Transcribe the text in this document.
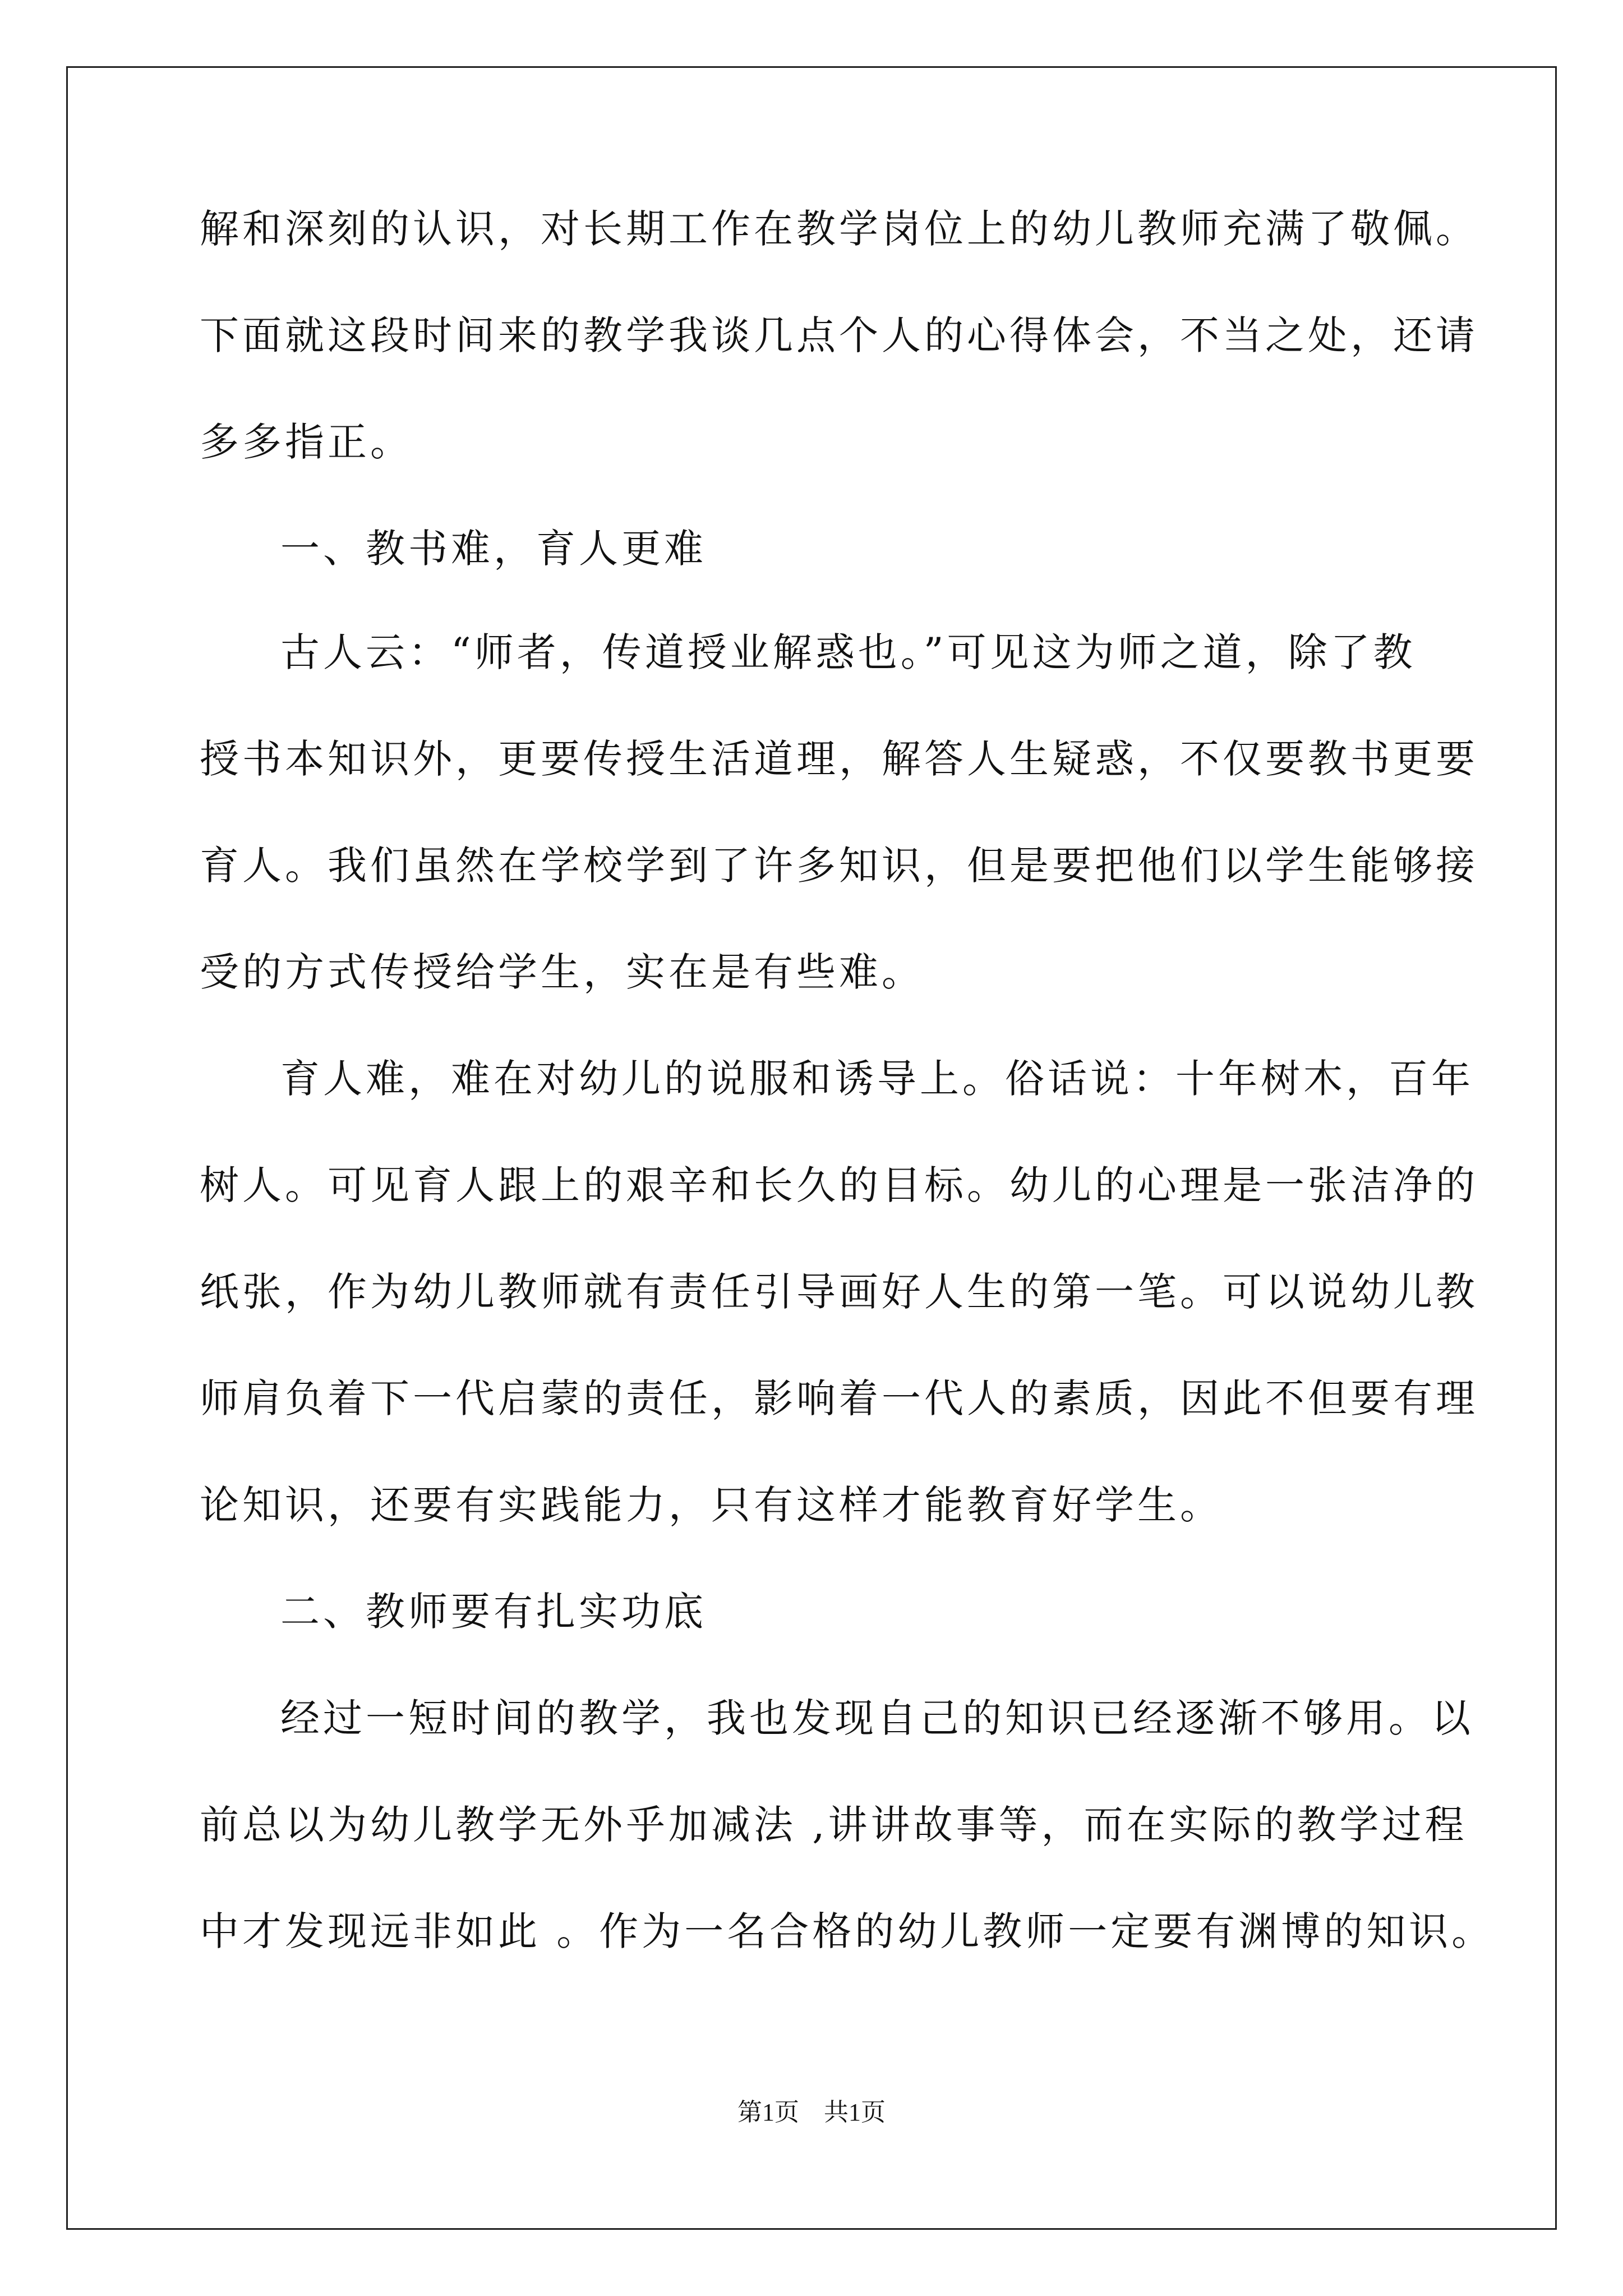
解和深刻的认识，对长期工作在教学岗位上的幼儿教师充满了敬佩。
下面就这段时间来的教学我谈几点个人的心得体会，不当之处，还请
多多指正。
一、教书难，育人更难
古人云：“师者，传道授业解惑也。”可见这为师之道，除了教
授书本知识外，更要传授生活道理，解答人生疑惑，不仅要教书更要
育人。我们虽然在学校学到了许多知识，但是要把他们以学生能够接
受的方式传授给学生，实在是有些难。
育人难，难在对幼儿的说服和诱导上。俗话说：十年树木，百年
树人。可见育人跟上的艰辛和长久的目标。幼儿的心理是一张洁净的
纸张，作为幼儿教师就有责任引导画好人生的第一笔。可以说幼儿教
师肩负着下一代启蒙的责任，影响着一代人的素质，因此不但要有理
论知识，还要有实践能力，只有这样才能教育好学生。
二、教师要有扎实功底
经过一短时间的教学，我也发现自己的知识已经逐渐不够用。以
前总以为幼儿教学无外乎加减法 ,讲讲故事等，而在实际的教学过程
中才发现远非如此 。作为一名合格的幼儿教师一定要有渊博的知识。
第1页 共1页
